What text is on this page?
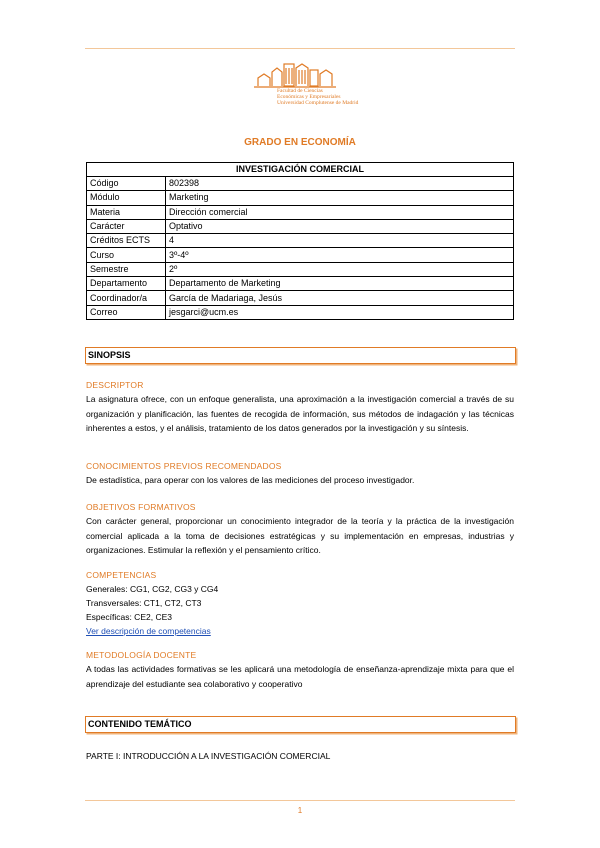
Facultad de Ciencias
Económicas y Empresariales
Universidad Complutense de Madrid
GRADO EN ECONOMÍA
INVESTIGACIÓN COMERCIAL	
Código	802398
Módulo	Marketing
Materia	Dirección comercial
Carácter	Optativo
Créditos ECTS	4
Curso	3º-4º
Semestre	2º
Departamento	Departamento de Marketing
Coordinador/a	García de Madariaga, Jesús
Correo	jesgarci@ucm.es
SINOPSIS
DESCRIPTOR
La asignatura ofrece, con un enfoque generalista, una aproximación a la investigación comercial a través de su organización y planificación, las fuentes de recogida de información, sus métodos de indagación y las técnicas inherentes a estos, y el análisis, tratamiento de los datos generados por la investigación y su síntesis.
CONOCIMIENTOS PREVIOS RECOMENDADOS
De estadística, para operar con los valores de las mediciones del proceso investigador.
OBJETIVOS FORMATIVOS
Con carácter general, proporcionar un conocimiento integrador de la teoría y la práctica de la investigación comercial aplicada a la toma de decisiones estratégicas y su implementación en empresas, industrias y organizaciones. Estimular la reflexión y el pensamiento crítico.
COMPETENCIAS
Generales: CG1, CG2, CG3 y CG4
Transversales: CT1, CT2, CT3
Específicas: CE2, CE3
Ver descripción de competencias
METODOLOGÍA DOCENTE
A todas las actividades formativas se les aplicará una metodología de enseñanza-aprendizaje mixta para que el aprendizaje del estudiante sea colaborativo y cooperativo
CONTENIDO TEMÁTICO
PARTE I: INTRODUCCIÓN A LA INVESTIGACIÓN COMERCIAL
1
